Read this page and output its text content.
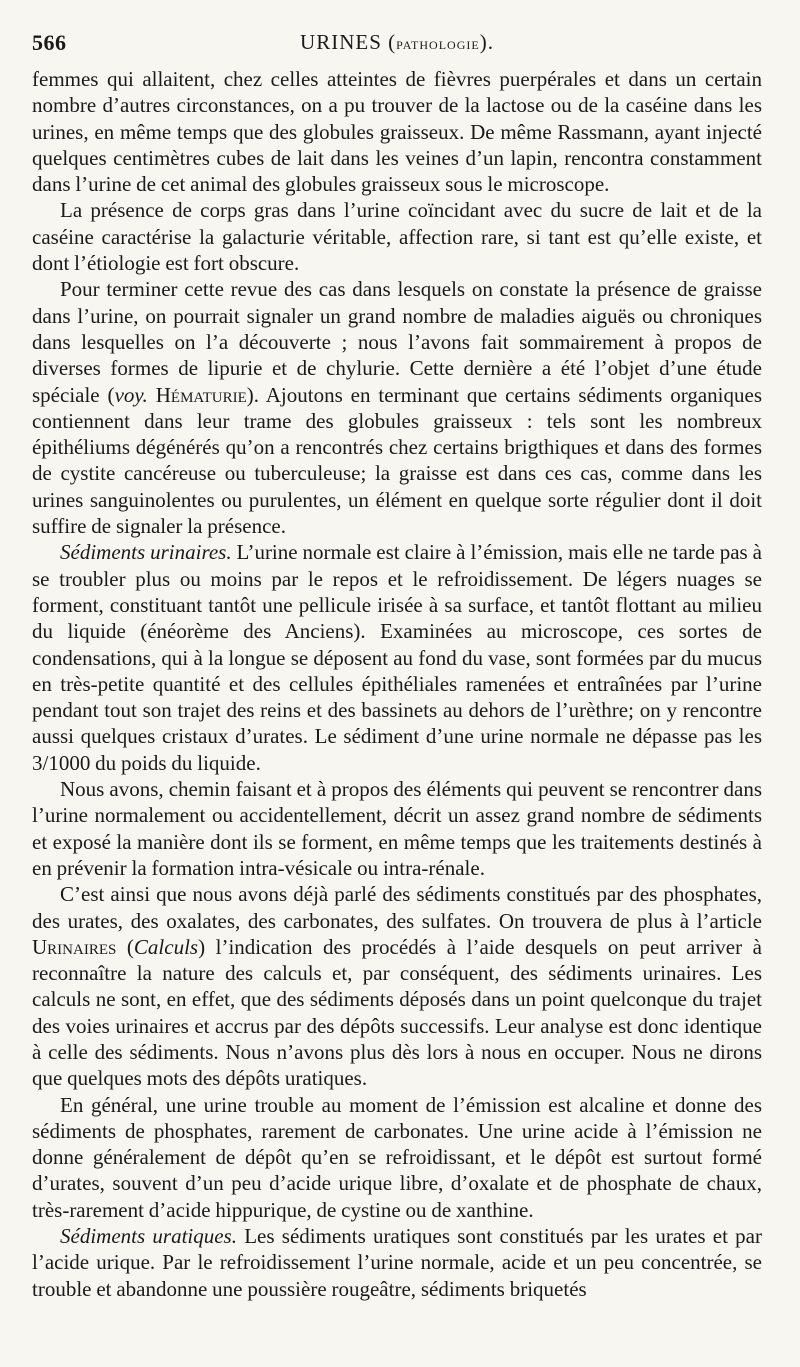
566	URINES (pathologie).

femmes qui allaitent, chez celles atteintes de fièvres puerpérales et dans un certain nombre d’autres circonstances, on a pu trouver de la lactose ou de la caséine dans les urines, en même temps que des globules graisseux. De même Rassmann, ayant injecté quelques centimètres cubes de lait dans les veines d’un lapin, rencontra constamment dans l’urine de cet animal des globules graisseux sous le microscope.

La présence de corps gras dans l’urine coïncidant avec du sucre de lait et de la caséine caractérise la galacturie véritable, affection rare, si tant est qu’elle existe, et dont l’étiologie est fort obscure.

Pour terminer cette revue des cas dans lesquels on constate la présence de graisse dans l’urine, on pourrait signaler un grand nombre de maladies aiguës ou chroniques dans lesquelles on l’a découverte ; nous l’avons fait sommairement à propos de diverses formes de lipurie et de chylurie. Cette dernière a été l’objet d’une étude spéciale (voy. Hématurie). Ajoutons en terminant que certains sédiments organiques contiennent dans leur trame des globules graisseux : tels sont les nombreux épithéliums dégénérés qu’on a rencontrés chez certains brigthiques et dans des formes de cystite cancéreuse ou tuberculeuse; la graisse est dans ces cas, comme dans les urines sanguinolentes ou purulentes, un élément en quelque sorte régulier dont il doit suffire de signaler la présence.

Sédiments urinaires. L’urine normale est claire à l’émission, mais elle ne tarde pas à se troubler plus ou moins par le repos et le refroidissement. De légers nuages se forment, constituant tantôt une pellicule irisée à sa surface, et tantôt flottant au milieu du liquide (énéorème des Anciens). Examinées au microscope, ces sortes de condensations, qui à la longue se déposent au fond du vase, sont formées par du mucus en très-petite quantité et des cellules épithéliales ramenées et entraînées par l’urine pendant tout son trajet des reins et des bassinets au dehors de l’urèthre; on y rencontre aussi quelques cristaux d’urates. Le sédiment d’une urine normale ne dépasse pas les 3/1000 du poids du liquide.

Nous avons, chemin faisant et à propos des éléments qui peuvent se rencontrer dans l’urine normalement ou accidentellement, décrit un assez grand nombre de sédiments et exposé la manière dont ils se forment, en même temps que les traitements destinés à en prévenir la formation intra-vésicale ou intra-rénale.

C’est ainsi que nous avons déjà parlé des sédiments constitués par des phosphates, des urates, des oxalates, des carbonates, des sulfates. On trouvera de plus à l’article Urinaires (Calculs) l’indication des procédés à l’aide desquels on peut arriver à reconnaître la nature des calculs et, par conséquent, des sédiments urinaires. Les calculs ne sont, en effet, que des sédiments déposés dans un point quelconque du trajet des voies urinaires et accrus par des dépôts successifs. Leur analyse est donc identique à celle des sédiments. Nous n’avons plus dès lors à nous en occuper. Nous ne dirons que quelques mots des dépôts uratiques.

En général, une urine trouble au moment de l’émission est alcaline et donne des sédiments de phosphates, rarement de carbonates. Une urine acide à l’émission ne donne généralement de dépôt qu’en se refroidissant, et le dépôt est surtout formé d’urates, souvent d’un peu d’acide urique libre, d’oxalate et de phosphate de chaux, très-rarement d’acide hippurique, de cystine ou de xanthine.

Sédiments uratiques. Les sédiments uratiques sont constitués par les urates et par l’acide urique. Par le refroidissement l’urine normale, acide et un peu concentrée, se trouble et abandonne une poussière rougeâtre, sédiments briquetés
